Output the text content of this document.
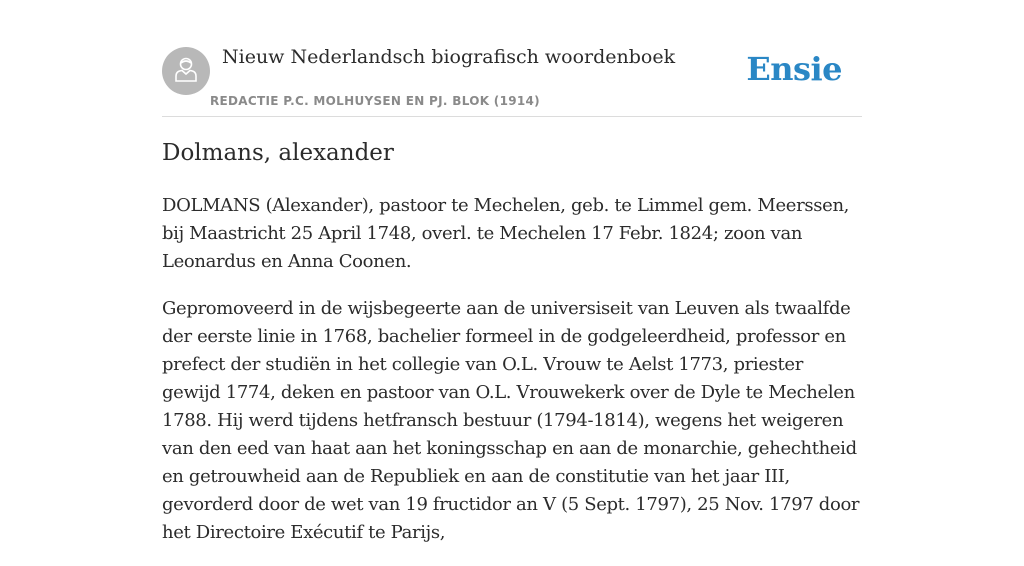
Nieuw Nederlandsch biografisch woordenboek
REDACTIE P.C. MOLHUYSEN EN PJ. BLOK (1914)
Ensie
Dolmans, alexander

DOLMANS (Alexander), pastoor te Mechelen, geb. te Limmel gem. Meerssen, bij Maastricht 25 April 1748, overl. te Mechelen 17 Febr. 1824; zoon van Leonardus en Anna Coonen.

Gepromoveerd in de wijsbegeerte aan de universiseit van Leuven als twaalfde der eerste linie in 1768, bachelier formeel in de godgeleerdheid, professor en prefect der studiën in het collegie van O.L. Vrouw te Aelst 1773, priester gewijd 1774, deken en pastoor van O.L. Vrouwekerk over de Dyle te Mechelen 1788. Hij werd tijdens hetfransch bestuur (1794-1814), wegens het weigeren van den eed van haat aan het koningsschap en aan de monarchie, gehechtheid en getrouwheid aan de Republiek en aan de constitutie van het jaar III, gevorderd door de wet van 19 fructidor an V (5 Sept. 1797), 25 Nov. 1797 door het Directoire Exécutif te Parijs,
